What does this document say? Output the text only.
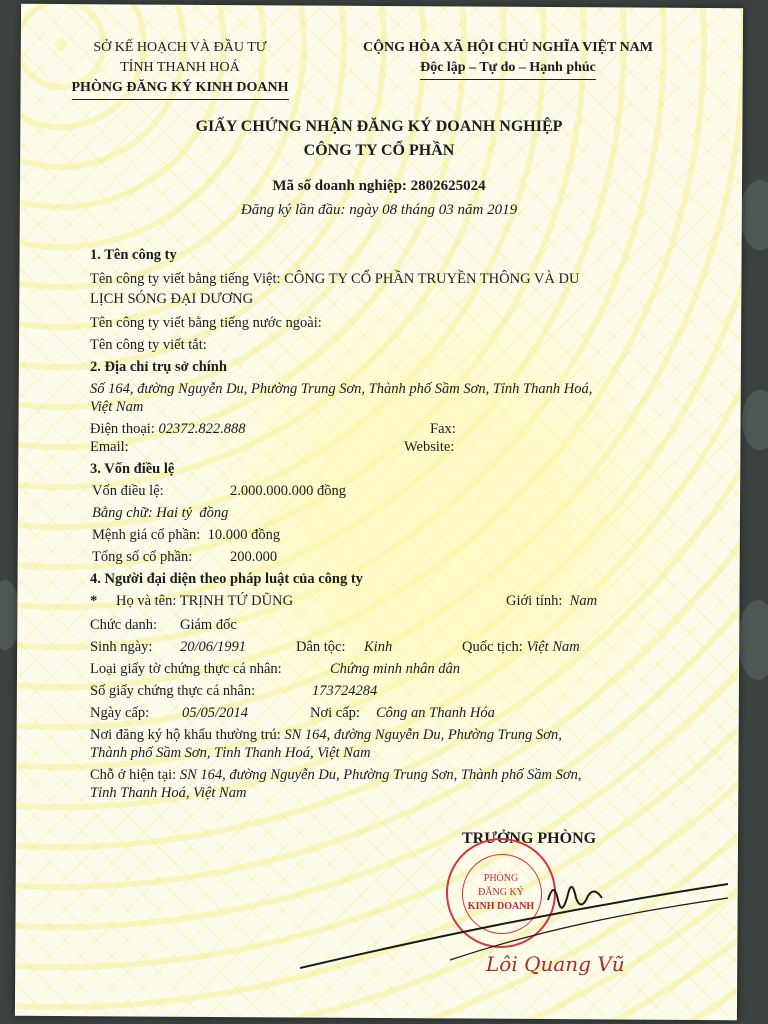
SỞ KẾ HOẠCH VÀ ĐẦU TƯ
TỈNH THANH HOÁ
PHÒNG ĐĂNG KÝ KINH DOANH
CỘNG HÒA XÃ HỘI CHỦ NGHĨA VIỆT NAM
Độc lập – Tự do – Hạnh phúc
GIẤY CHỨNG NHẬN ĐĂNG KÝ DOANH NGHIỆP
CÔNG TY CỔ PHẦN
Mã số doanh nghiệp: 2802625024
Đăng ký lần đầu: ngày 08 tháng 03 năm 2019
1. Tên công ty
Tên công ty viết bằng tiếng Việt: CÔNG TY CỔ PHẦN TRUYỀN THÔNG VÀ DU
LỊCH SÓNG ĐẠI DƯƠNG
Tên công ty viết bằng tiếng nước ngoài:
Tên công ty viết tắt:
2. Địa chỉ trụ sở chính
Số 164, đường Nguyễn Du, Phường Trung Sơn, Thành phố Sầm Sơn, Tỉnh Thanh Hoá,
Việt Nam
Điện thoại: 02372.822.888	Fax:
Email:	Website:
3. Vốn điều lệ
Vốn điều lệ:	2.000.000.000 đồng
Bằng chữ: Hai tỷ  đồng
Mệnh giá cổ phần: 10.000 đồng
Tổng số cổ phần:	200.000
4. Người đại diện theo pháp luật của công ty
* Họ và tên: TRỊNH TỨ DŨNG	Giới tính: Nam
Chức danh: Giám đốc
Sinh ngày: 20/06/1991	Dân tộc: Kinh	Quốc tịch: Việt Nam
Loại giấy tờ chứng thực cá nhân:	Chứng minh nhân dân
Số giấy chứng thực cá nhân:	173724284
Ngày cấp: 05/05/2014	Nơi cấp: Công an Thanh Hóa
Nơi đăng ký hộ khẩu thường trú: SN 164, đường Nguyễn Du, Phường Trung Sơn,
Thành phố Sầm Sơn, Tỉnh Thanh Hoá, Việt Nam
Chỗ ở hiện tại: SN 164, đường Nguyễn Du, Phường Trung Sơn, Thành phố Sầm Sơn,
Tỉnh Thanh Hoá, Việt Nam
TRƯỞNG PHÒNG
PHÒNG
ĐĂNG KÝ
KINH DOANH
Lôi Quang Vũ
